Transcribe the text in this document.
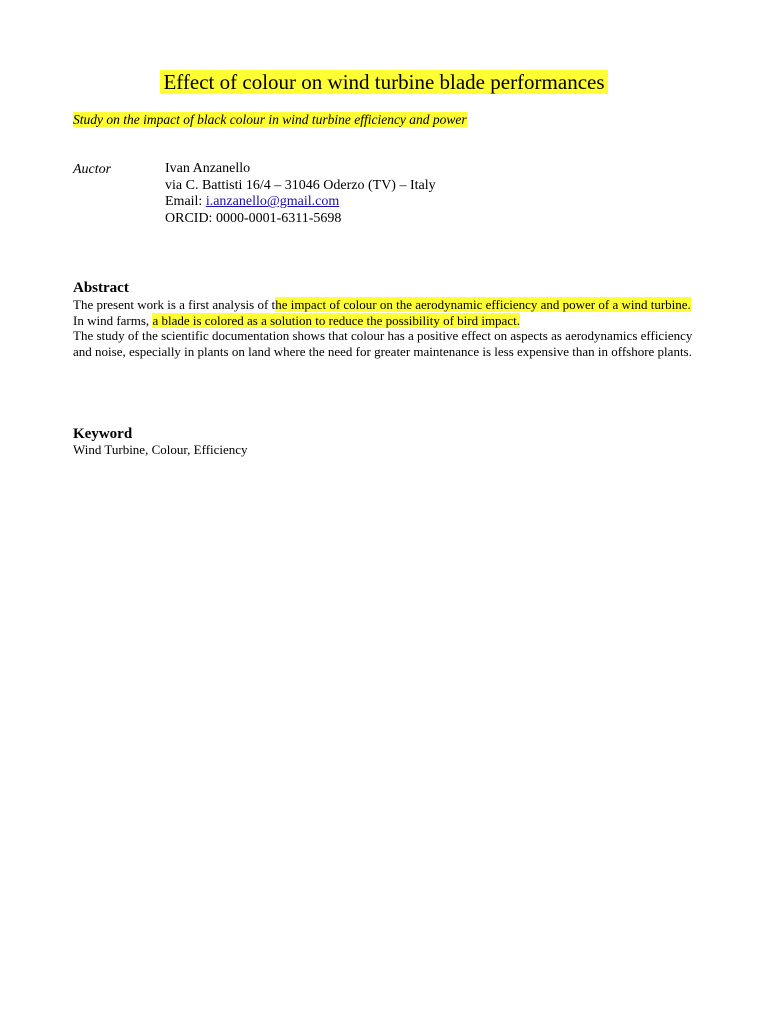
Effect of colour on wind turbine blade performances

Study on the impact of black colour in wind turbine efficiency and power

Auctor	Ivan Anzanello
via C. Battisti 16/4 – 31046 Oderzo (TV) – Italy
Email: i.anzanello@gmail.com
ORCID: 0000-0001-6311-5698
Abstract

The present work is a first analysis of the impact of colour on the aerodynamic efficiency and power of a wind turbine. In wind farms, a blade is colored as a solution to reduce the possibility of bird impact.

The study of the scientific documentation shows that colour has a positive effect on aspects as aerodynamics efficiency and noise, especially in plants on land where the need for greater maintenance is less expensive than in offshore plants.

Keyword

Wind Turbine, Colour, Efficiency
